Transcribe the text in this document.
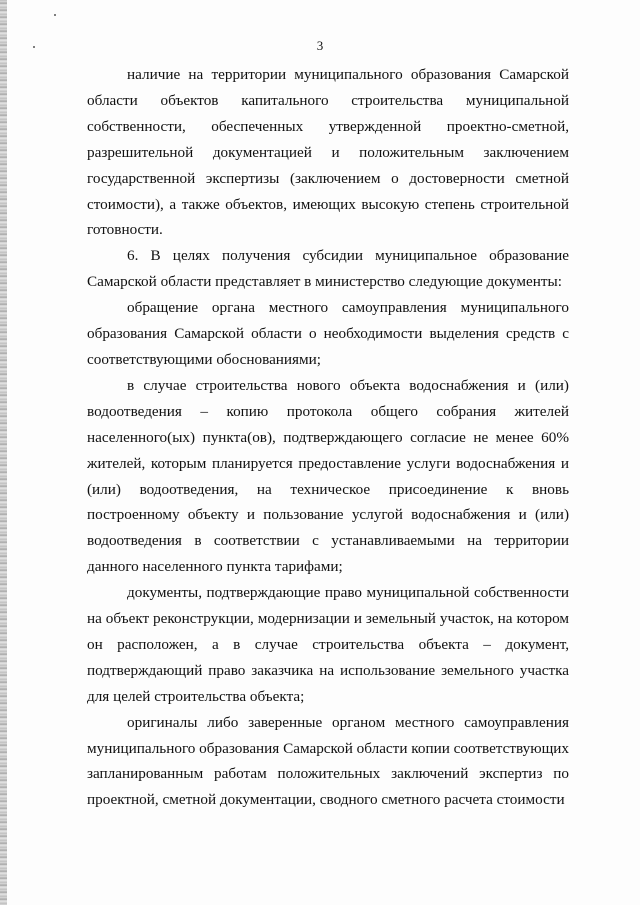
3

наличие на территории муниципального образования Самарской области объектов капитального строительства муниципальной собственности, обеспеченных утвержденной проектно-сметной, разрешительной документацией и положительным заключением государственной экспертизы (заключением о достоверности сметной стоимости), а также объектов, имеющих высокую степень строительной готовности.

6. В целях получения субсидии муниципальное образование Самарской области представляет в министерство следующие документы:

обращение органа местного самоуправления муниципального образования Самарской области о необходимости выделения средств с соответствующими обоснованиями;

в случае строительства нового объекта водоснабжения и (или) водоотведения – копию протокола общего собрания жителей населенного(ых) пункта(ов), подтверждающего согласие не менее 60% жителей, которым планируется предоставление услуги водоснабжения и (или) водоотведения, на техническое присоединение к вновь построенному объекту и пользование услугой водоснабжения и (или) водоотведения в соответствии с устанавливаемыми на территории данного населенного пункта тарифами;

документы, подтверждающие право муниципальной собственности на объект реконструкции, модернизации и земельный участок, на котором он расположен, а в случае строительства объекта – документ, подтверждающий право заказчика на использование земельного участка для целей строительства объекта;

оригиналы либо заверенные органом местного самоуправления муниципального образования Самарской области копии соответствующих запланированным работам положительных заключений экспертиз по проектной, сметной документации, сводного сметного расчета стоимости
